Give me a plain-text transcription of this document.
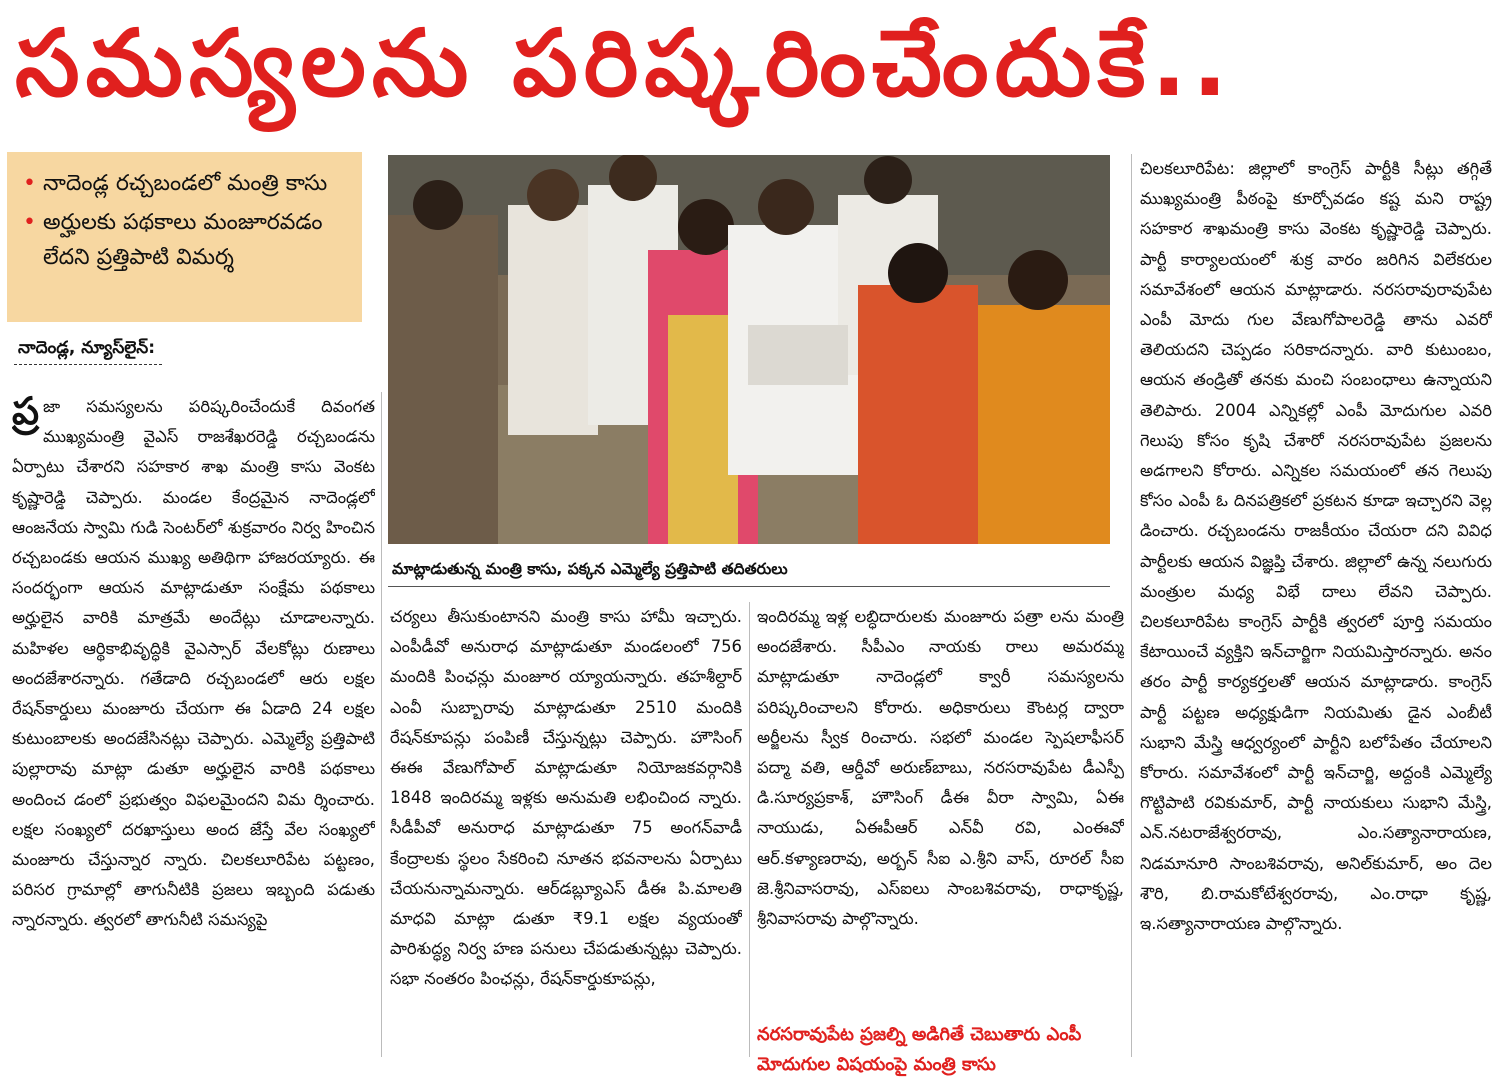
సమస్యలను పరిష్కరించేందుకే..
• నాదెండ్ల రచ్చబండలో మంత్రి కాసు
• అర్హులకు పథకాలు మంజూరవడం లేదని ప్రత్తిపాటి విమర్శ
నాదెండ్ల, న్యూస్‌లైన్:
ప్ర జా సమస్యలను పరిష్కరించేందుకే దివంగత ముఖ్యమంత్రి వైఎస్ రాజశేఖరరెడ్డి రచ్చబండను ఏర్పాటు చేశారని సహకార శాఖ మంత్రి కాసు వెంకట కృష్ణారెడ్డి చెప్పారు. మండల కేంద్రమైన నాదెండ్లలో ఆంజనేయ స్వామి గుడి సెంటర్‌లో శుక్రవారం నిర్వ హించిన రచ్చబండకు ఆయన ముఖ్య అతిథిగా హాజరయ్యారు. ఈ సందర్భంగా ఆయన మాట్లాడుతూ సంక్షేమ పథకాలు అర్హులైన వారికి మాత్రమే అందేట్లు చూడాలన్నారు. మహిళల ఆర్థికాభివృద్ధికి వైఎస్సార్ వేలకోట్లు రుణాలు అందజేశారన్నారు. గతేడాది రచ్చబండలో ఆరు లక్షల రేషన్‌కార్డులు మంజూరు చేయగా ఈ ఏడాది 24 లక్షల కుటుంబాలకు అందజేసినట్లు చెప్పారు. ఎమ్మెల్యే ప్రత్తిపాటి పుల్లారావు మాట్లా డుతూ అర్హులైన వారికి పథకాలు అందించ డంలో ప్రభుత్వం విఫలమైందని విమ ర్శించారు. లక్షల సంఖ్యలో దరఖాస్తులు అంద జేస్తే వేల సంఖ్యలో మంజూరు చేస్తున్నార న్నారు. చిలకలూరిపేట పట్టణం, పరిసర గ్రామాల్లో తాగునీటికి ప్రజలు ఇబ్బంది పడుతు న్నారన్నారు. త్వరలో తాగునీటి సమస్యపై
మాట్లాడుతున్న మంత్రి కాసు, పక్కన ఎమ్మెల్యే ప్రత్తిపాటి తదితరులు
చర్యలు తీసుకుంటానని మంత్రి కాసు హామీ ఇచ్చారు. ఎంపీడీవో అనురాధ మాట్లాడుతూ మండలంలో 756 మందికి పింఛన్లు మంజూర య్యాయన్నారు. తహశీల్దార్ ఎంవీ సుబ్బారావు మాట్లాడుతూ 2510 మందికి రేషన్‌కూపన్లు పంపిణీ చేస్తున్నట్లు చెప్పారు. హౌసింగ్ ఈఈ వేణుగోపాల్ మాట్లాడుతూ నియోజకవర్గానికి 1848 ఇందిరమ్మ ఇళ్లకు అనుమతి లభించింద న్నారు. సీడీపీవో అనురాధ మాట్లాడుతూ 75 అంగన్‌వాడీ కేంద్రాలకు స్థలం సేకరించి నూతన భవనాలను ఏర్పాటు చేయనున్నామన్నారు. ఆర్‌డబ్ల్యూఎస్ డీఈ పి.మాలతి మాధవి మాట్లా డుతూ ₹9.1 లక్షల వ్యయంతో పారిశుద్ధ్య నిర్వ హణ పనులు చేపడుతున్నట్లు చెప్పారు. సభా నంతరం పింఛన్లు, రేషన్‌కార్డుకూపన్లు,
ఇందిరమ్మ ఇళ్ల లబ్ధిదారులకు మంజూరు పత్రా లను మంత్రి అందజేశారు. సీపీఎం నాయకు రాలు అమరమ్మ మాట్లాడుతూ నాదెండ్లలో క్వారీ సమస్యలను పరిష్కరించాలని కోరారు. అధికారులు కౌంటర్ల ద్వారా అర్జీలను స్వీక రించారు. సభలో మండల స్పెషలాఫీసర్ పద్మా వతి, ఆర్డీవో అరుణ్‌బాబు, నరసరావుపేట డీఎస్పీ డి.సూర్యప్రకాశ్, హౌసింగ్ డీఈ వీరా స్వామి, ఏఈ నాయుడు, ఏఈపీఆర్ ఎన్‌వీ రవి, ఎంఈవో ఆర్.కళ్యాణరావు, అర్బన్ సీఐ ఎ.శ్రీని వాస్, రూరల్ సీఐ జె.శ్రీనివాసరావు, ఎస్‌ఐలు సాంబశివరావు, రాధాకృష్ణ, శ్రీనివాసరావు పాల్గొన్నారు.
నరసరావుపేట ప్రజల్ని అడిగితే చెబుతారు ఎంపీ మోదుగుల విషయంపై మంత్రి కాసు
చిలకలూరిపేట: జిల్లాలో కాంగ్రెస్ పార్టీకి సీట్లు తగ్గితే ముఖ్యమంత్రి పీఠంపై కూర్చోవడం కష్ట మని రాష్ట్ర సహకార శాఖమంత్రి కాసు వెంకట కృష్ణారెడ్డి చెప్పారు. పార్టీ కార్యాలయంలో శుక్ర వారం జరిగిన విలేకరుల సమావేశంలో ఆయన మాట్లాడారు. నరసరావురావుపేట ఎంపీ మోదు గుల వేణుగోపాలరెడ్డి తాను ఎవరో తెలియదని చెప్పడం సరికాదన్నారు. వారి కుటుంబం, ఆయన తండ్రితో తనకు మంచి సంబంధాలు ఉన్నాయని తెలిపారు. 2004 ఎన్నికల్లో ఎంపీ మోదుగుల ఎవరి గెలుపు కోసం కృషి చేశారో నరసరావుపేట ప్రజలను అడగాలని కోరారు. ఎన్నికల సమయంలో తన గెలుపు కోసం ఎంపీ ఓ దినపత్రికలో ప్రకటన కూడా ఇచ్చారని వెల్ల డించారు. రచ్చబండను రాజకీయం చేయరా దని వివిధ పార్టీలకు ఆయన విజ్ఞప్తి చేశారు. జిల్లాలో ఉన్న నలుగురు మంత్రుల మధ్య విభే దాలు లేవని చెప్పారు. చిలకలూరిపేట కాంగ్రెస్ పార్టీకి త్వరలో పూర్తి సమయం కేటాయించే వ్యక్తిని ఇన్‌చార్జిగా నియమిస్తారన్నారు. అనం తరం పార్టీ కార్యకర్తలతో ఆయన మాట్లాడారు. కాంగ్రెస్ పార్టీ పట్టణ అధ్యక్షుడిగా నియమితు డైన ఎంబీటీ సుభాని మేస్త్రి ఆధ్వర్యంలో పార్టీని బలోపేతం చేయాలని కోరారు. సమావేశంలో పార్టీ ఇన్‌చార్జి, అద్దంకి ఎమ్మెల్యే గొట్టిపాటి రవికుమార్, పార్టీ నాయకులు సుభాని మేస్త్రి, ఎన్.నటరాజేశ్వరరావు, ఎం.సత్యానారాయణ, నిడమానూరి సాంబశివరావు, అనిల్‌కుమార్, అం దెల శౌరి, బి.రామకోటేశ్వరరావు, ఎం.రాధా కృష్ణ, ఇ.సత్యానారాయణ పాల్గొన్నారు.
